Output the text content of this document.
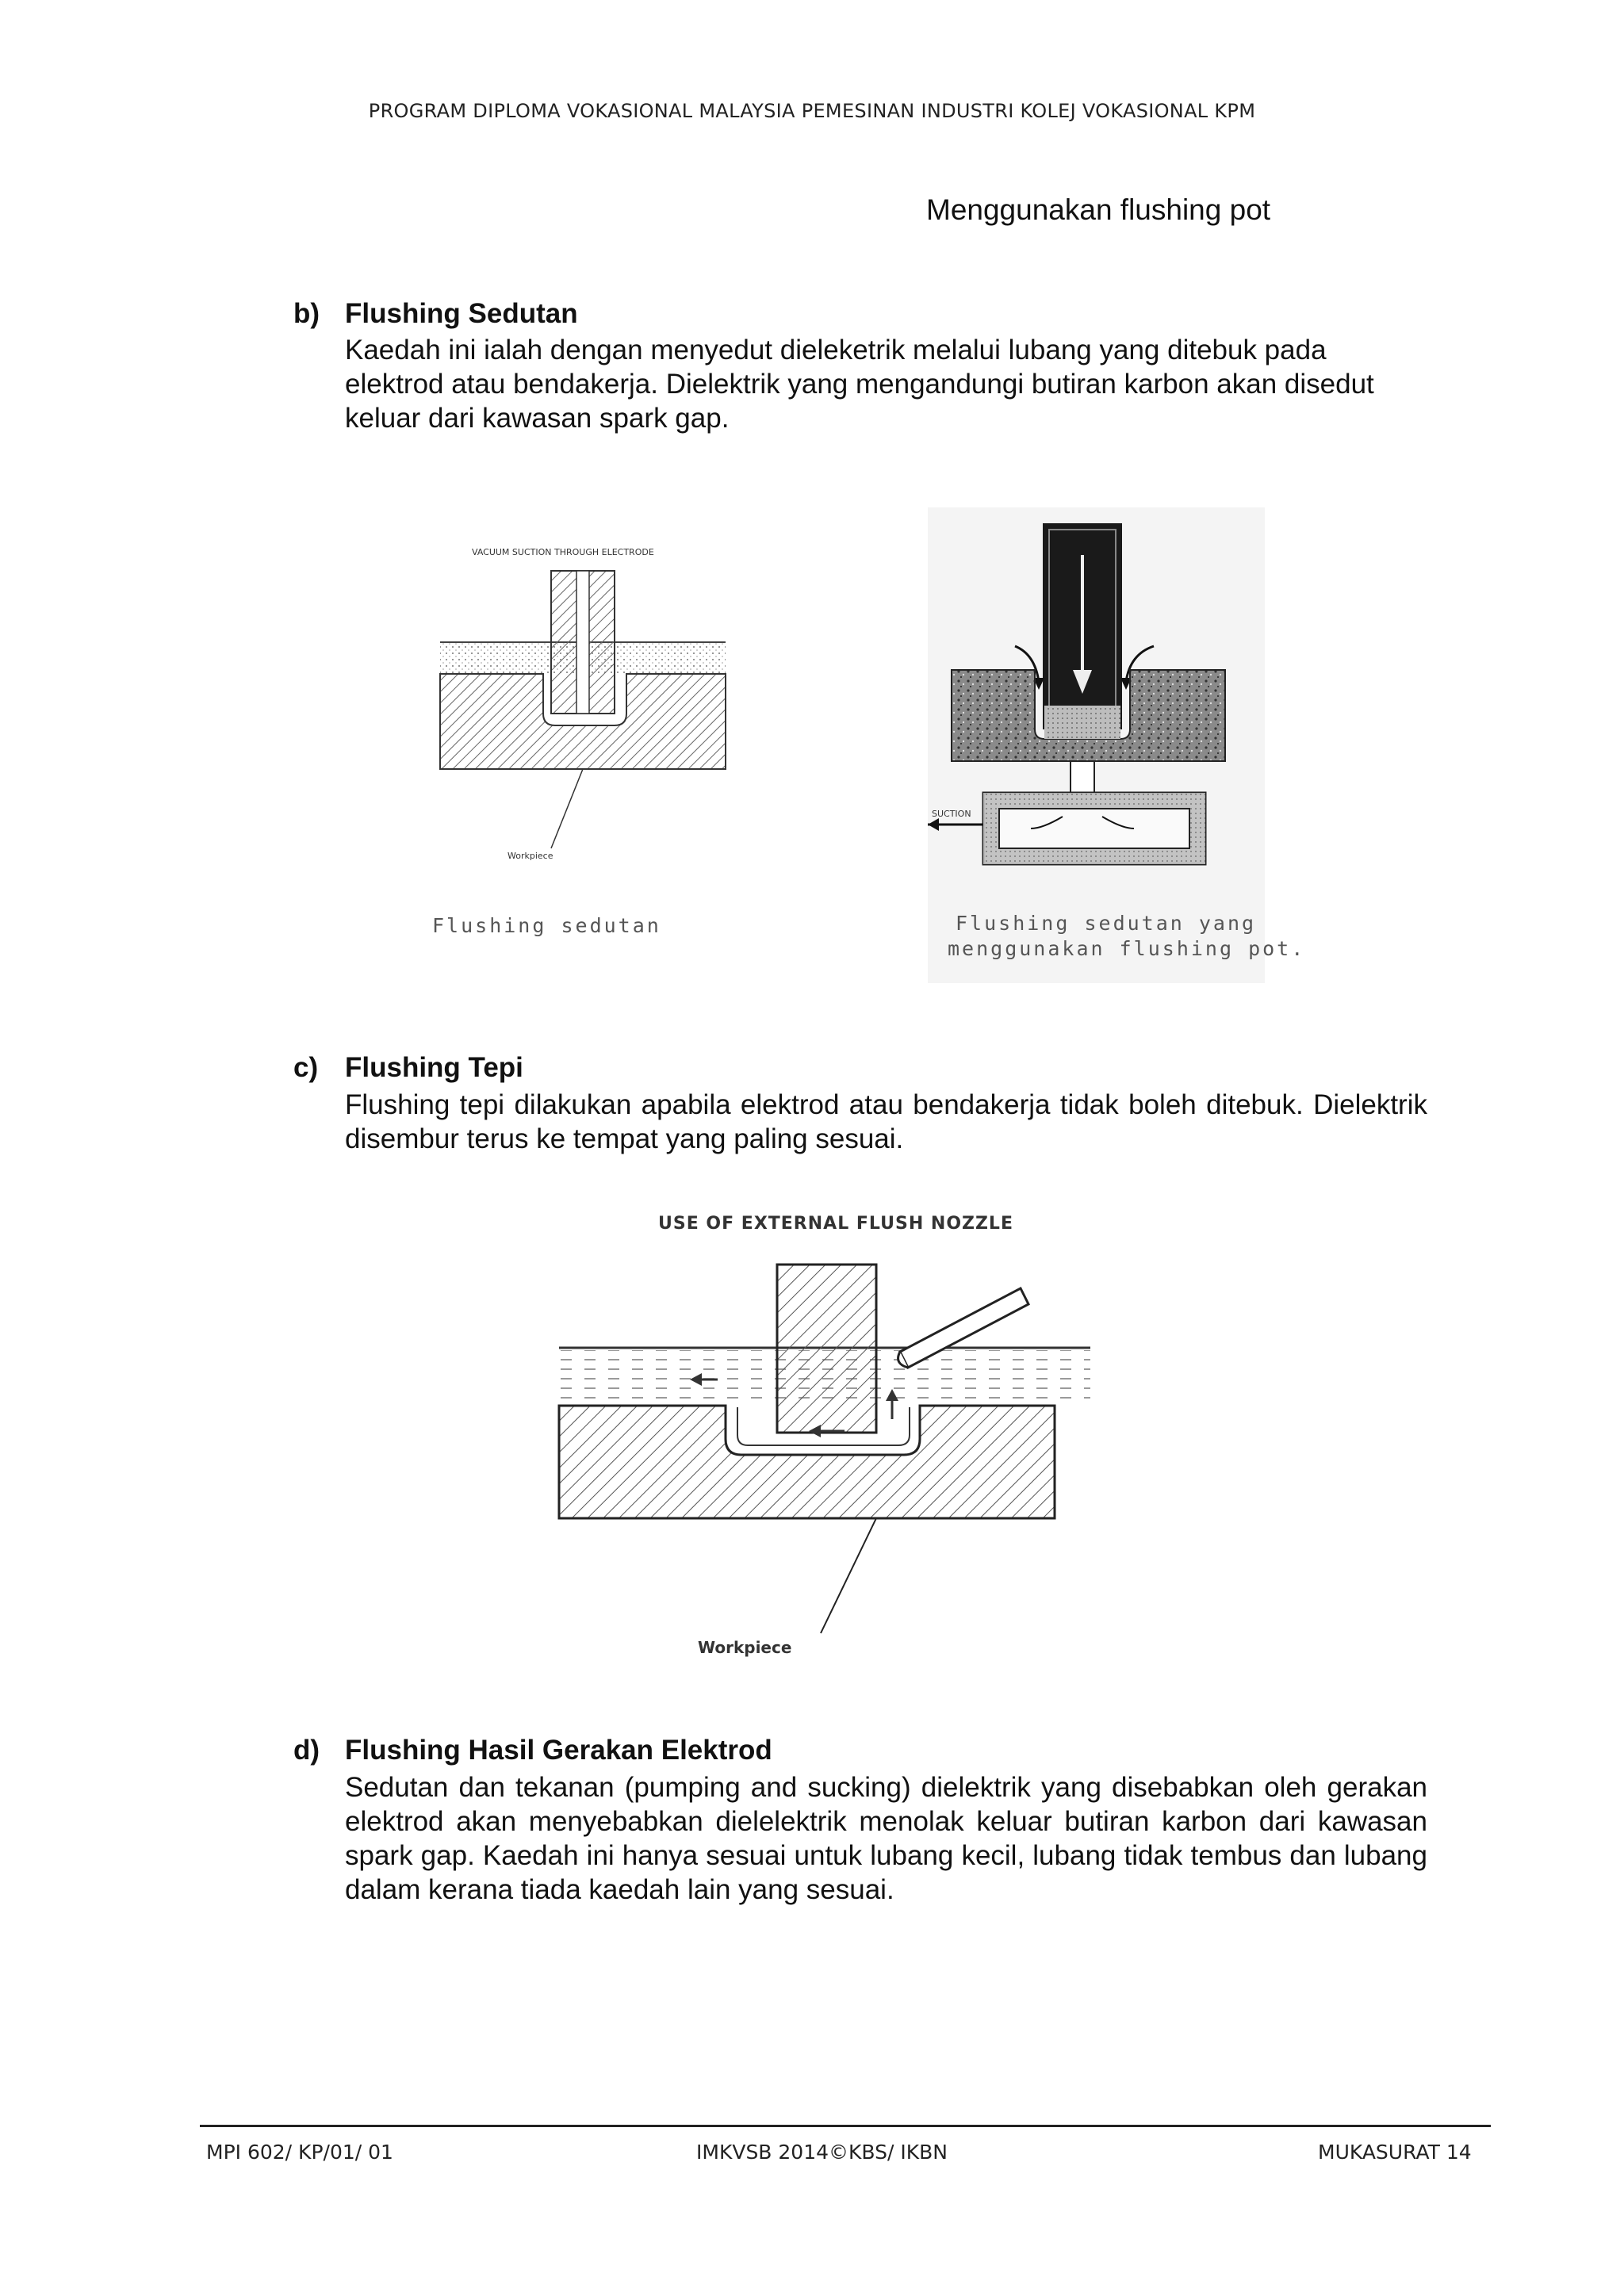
PROGRAM DIPLOMA VOKASIONAL MALAYSIA PEMESINAN INDUSTRI KOLEJ VOKASIONAL KPM
Menggunakan flushing pot
b) Flushing Sedutan
Kaedah ini ialah dengan menyedut dieleketrik melalui lubang yang ditebuk pada elektrod atau bendakerja. Dielektrik yang mengandungi butiran karbon akan disedut keluar dari kawasan spark gap.
VACUUM SUCTION THROUGH ELECTRODE
Workpiece
Flushing sedutan
SUCTION
Flushing sedutan yang
menggunakan flushing pot.
c) Flushing Tepi
Flushing tepi dilakukan apabila elektrod atau bendakerja tidak boleh ditebuk. Dielektrik disembur terus ke tempat yang paling sesuai.
USE OF EXTERNAL FLUSH NOZZLE
Workpiece
d) Flushing Hasil Gerakan Elektrod
Sedutan dan tekanan (pumping and sucking) dielektrik yang disebabkan oleh gerakan elektrod akan menyebabkan dielelektrik menolak keluar butiran karbon dari kawasan spark gap. Kaedah ini hanya sesuai untuk lubang kecil, lubang tidak tembus dan lubang dalam kerana tiada kaedah lain yang sesuai.
MPI 602/ KP/01/ 01	IMKVSB 2014©KBS/ IKBN	MUKASURAT 14
